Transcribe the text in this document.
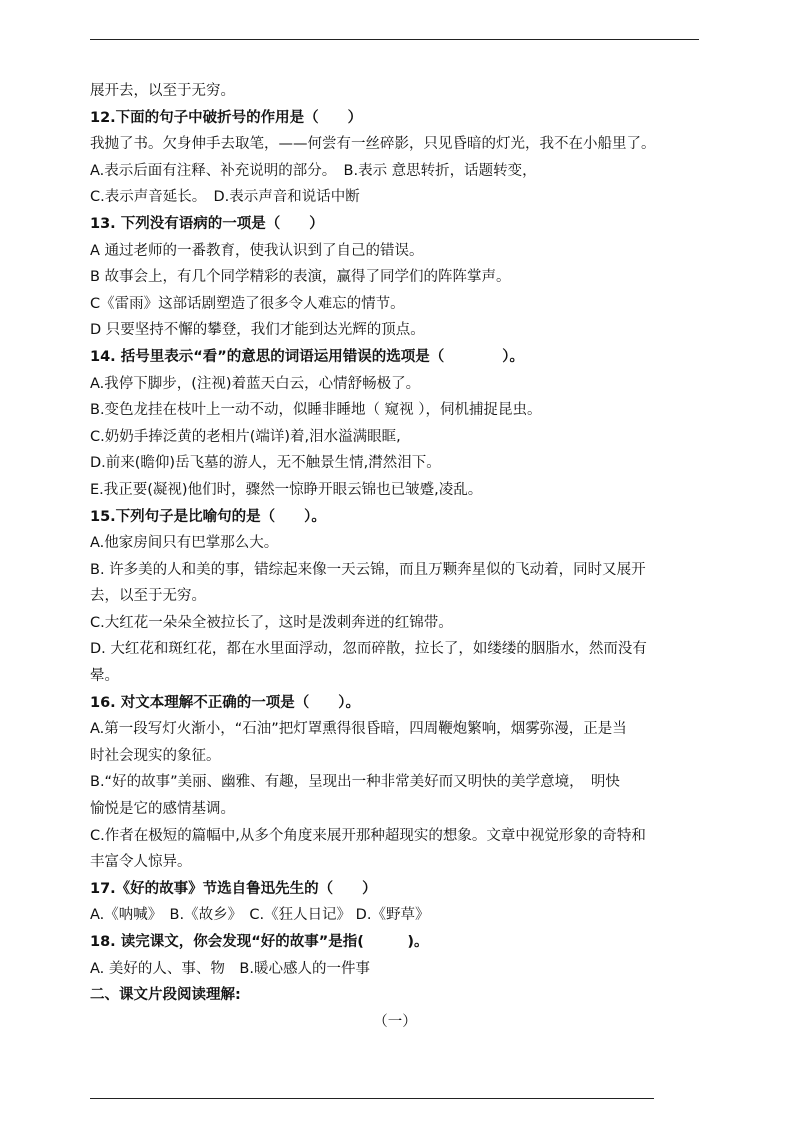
展开去，以至于无穷。
12.下面的句子中破折号的作用是（　　）
我抛了书。欠身伸手去取笔，——何尝有一丝碎影，只见昏暗的灯光，我不在小船里了。
A.表示后面有注释、补充说明的部分。　B.表示 意思转折，话题转变，
C.表示声音延长。　D.表示声音和说话中断
13. 下列没有语病的一项是（　　）
A 通过老师的一番教育，使我认识到了自己的错误。
B 故事会上，有几个同学精彩的表演，赢得了同学们的阵阵掌声。
C《雷雨》这部话剧塑造了很多令人难忘的情节。
D 只要坚持不懈的攀登，我们才能到达光辉的顶点。
14. 括号里表示“看”的意思的词语运用错误的选项是（　　　　）。
A.我停下脚步，(注视)着蓝天白云，心情舒畅极了。
B.变色龙挂在枝叶上一动不动，似睡非睡地（ 窥视 ），伺机捕捉昆虫。
C.奶奶手捧泛黄的老相片(端详)着,泪水溢满眼眶,
D.前来(瞻仰)岳飞墓的游人，无不触景生情,潸然泪下。
E.我正要(凝视)他们时，骤然一惊睁开眼云锦也已皱蹙,凌乱。
15.下列句子是比喻句的是（　　）。
A.他家房间只有巴掌那么大。
B. 许多美的人和美的事，错综起来像一天云锦，而且万颗奔星似的飞动着，同时又展开
去，以至于无穷。
C.大红花一朵朵全被拉长了，这时是泼刺奔迸的红锦带。
D. 大红花和斑红花，都在水里面浮动，忽而碎散，拉长了，如缕缕的胭脂水，然而没有
晕。
16. 对文本理解不正确的一项是（　　）。
A.第一段写灯火渐小，“石油”把灯罩熏得很昏暗，四周鞭炮繁响，烟雾弥漫，正是当
时社会现实的象征。
B.“好的故事”美丽、幽雅、有趣，呈现出一种非常美好而又明快的美学意境，　明快
愉悦是它的感情基调。
C.作者在极短的篇幅中,从多个角度来展开那种超现实的想象。文章中视觉形象的奇特和
丰富令人惊异。
17.《好的故事》节选自鲁迅先生的（　　）
A.《呐喊》　B.《故乡》　C.《狂人日记》 D.《野草》
18. 读完课文，你会发现“好的故事”是指(　　　)。
A. 美好的人、事、物　B.暖心感人的一件事
二、课文片段阅读理解:
（一）
